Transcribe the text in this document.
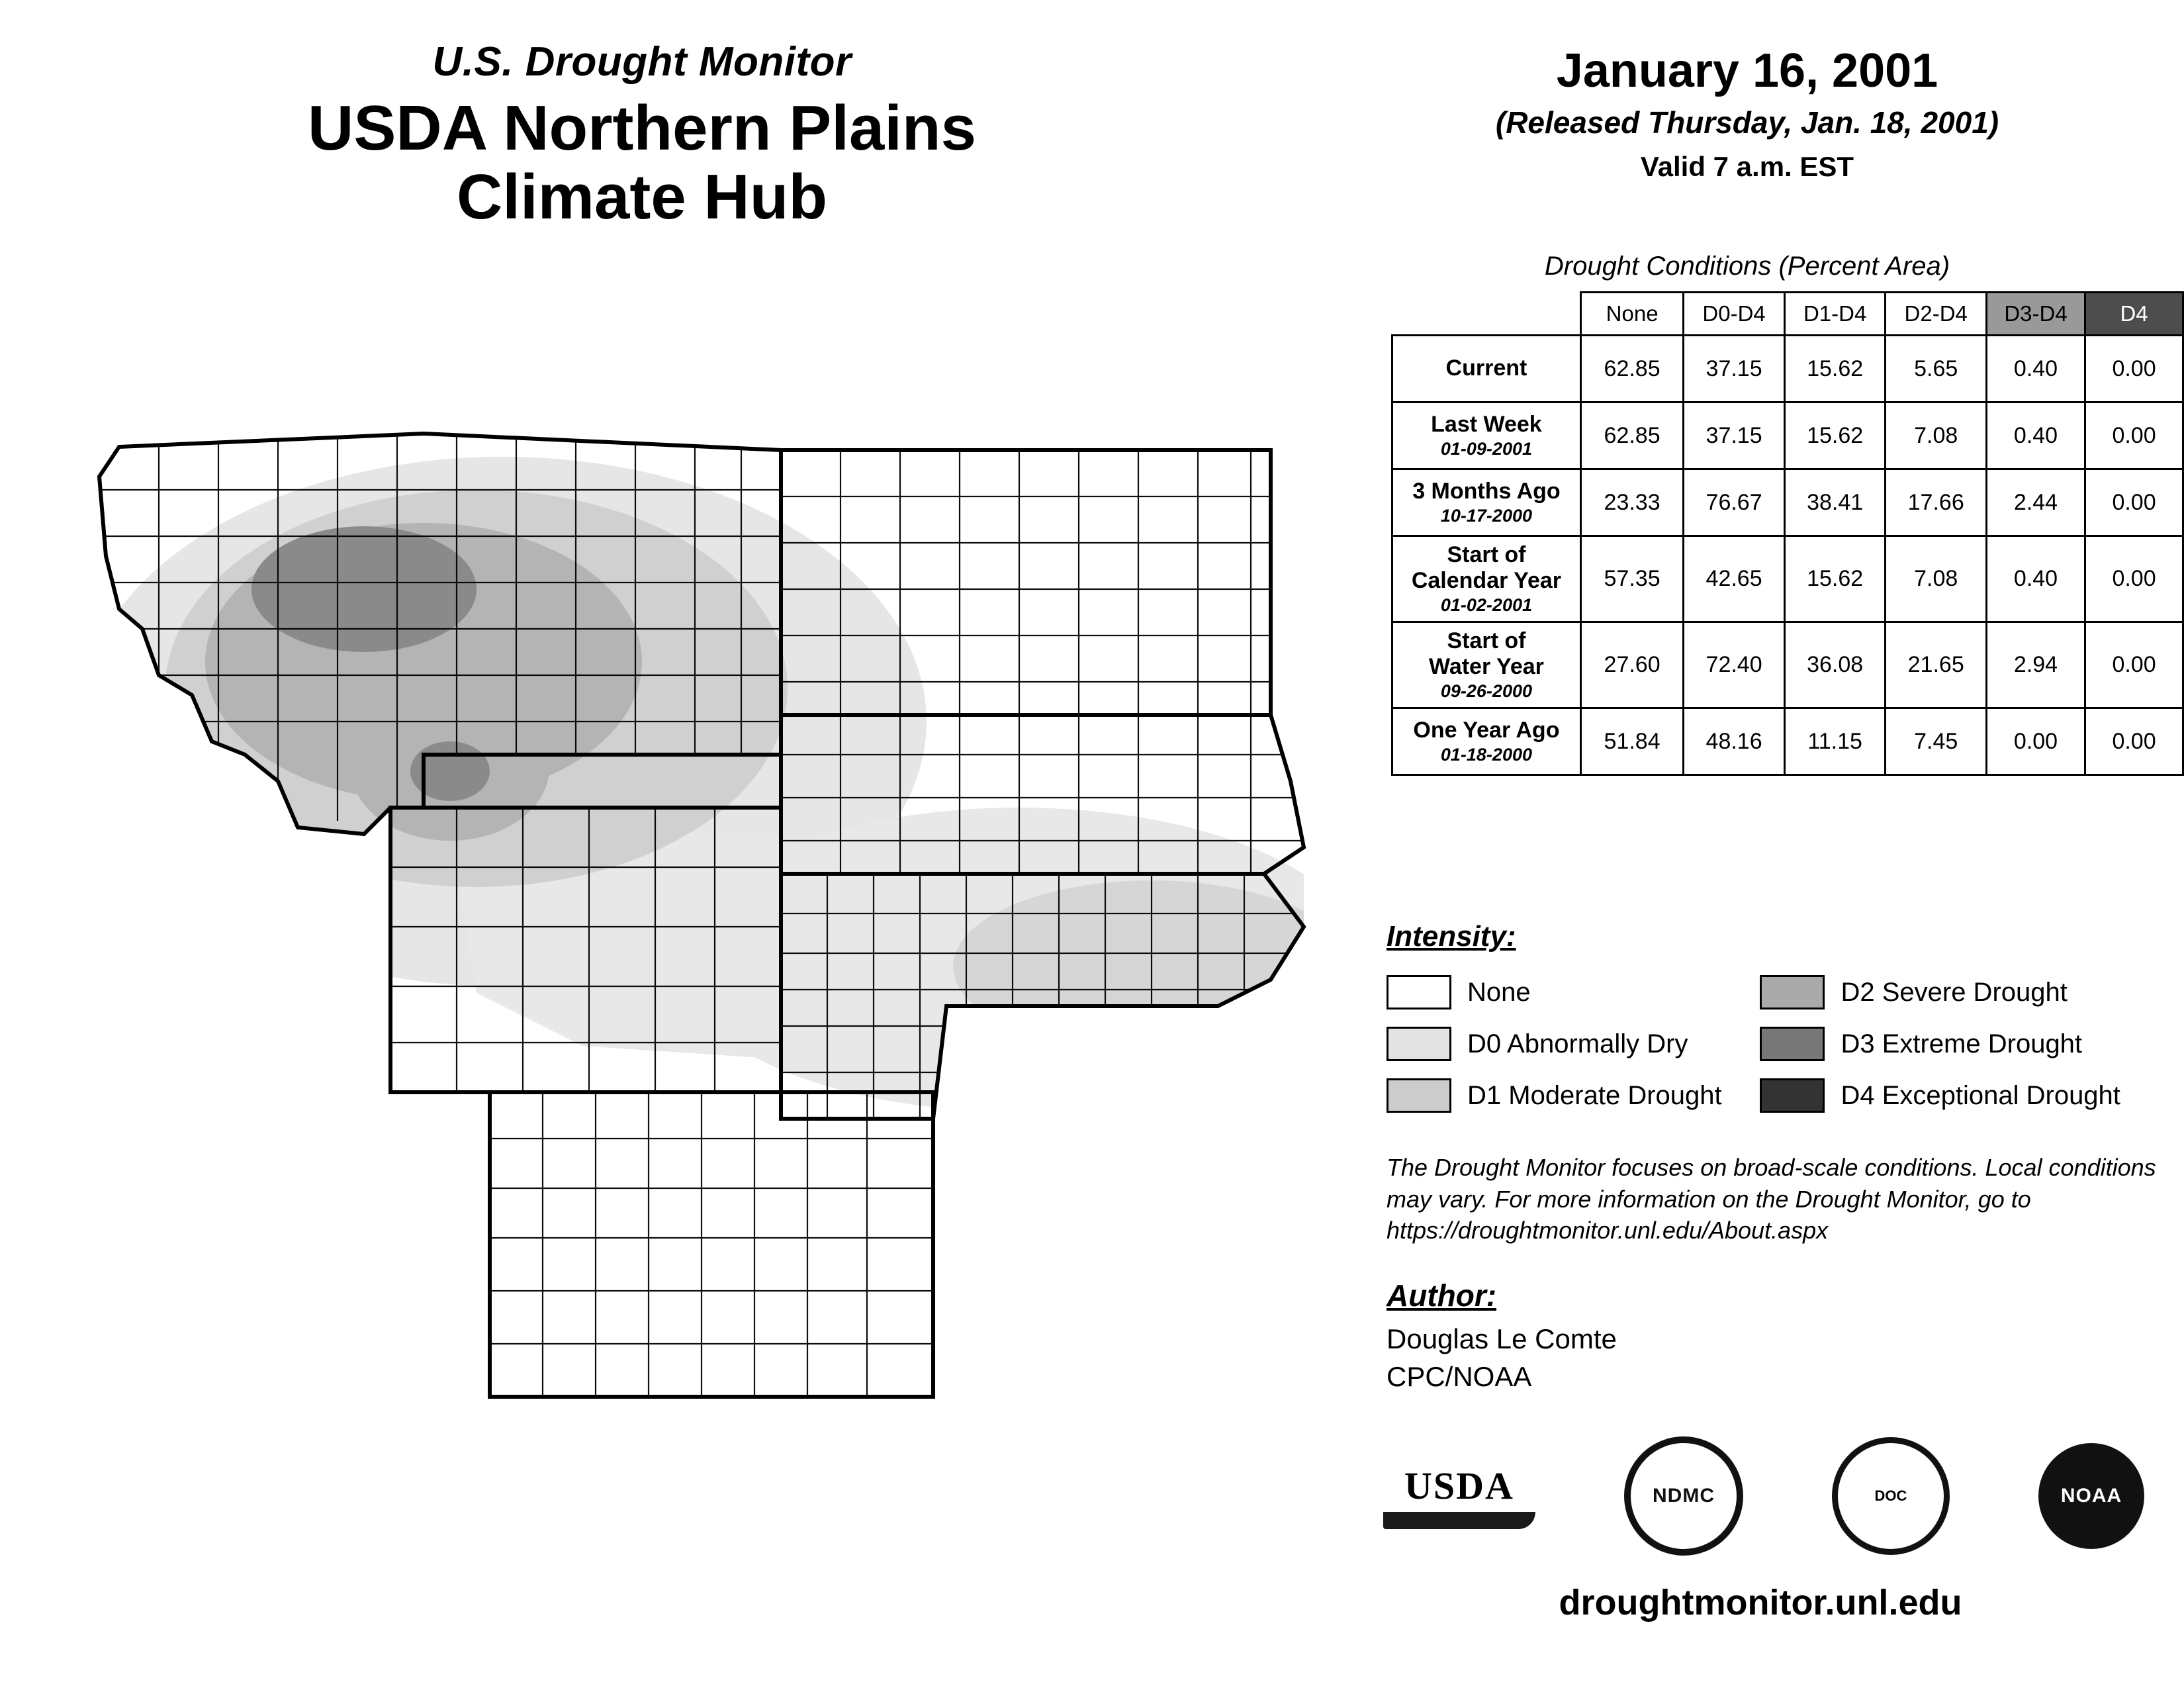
U.S. Drought Monitor
USDA Northern Plains
Climate Hub
January 16, 2001
(Released Thursday, Jan. 18, 2001)
Valid 7 a.m. EST
Drought Conditions (Percent Area)
	None	D0-D4	D1-D4	D2-D4	D3-D4	D4

Current	62.85	37.15	15.62	5.65	0.40	0.00

Last Week
01-09-2001	62.85	37.15	15.62	7.08	0.40	0.00

3 Months Ago
10-17-2000	23.33	76.67	38.41	17.66	2.44	0.00

Start of
Calendar Year
01-02-2001	57.35	42.65	15.62	7.08	0.40	0.00

Start of
Water Year
09-26-2000	27.60	72.40	36.08	21.65	2.94	0.00

One Year Ago
01-18-2000	51.84	48.16	11.15	7.45	0.00	0.00
Intensity:
None
D0 Abnormally Dry
D1 Moderate Drought

D2 Severe Drought
D3 Extreme Drought
D4 Exceptional Drought
The Drought Monitor focuses on broad-scale conditions. Local conditions may vary. For more information on the Drought Monitor, go to https://droughtmonitor.unl.edu/About.aspx
Author:
Douglas Le Comte
CPC/NOAA
USDA	NDMC	DOC	NOAA
droughtmonitor.unl.edu
